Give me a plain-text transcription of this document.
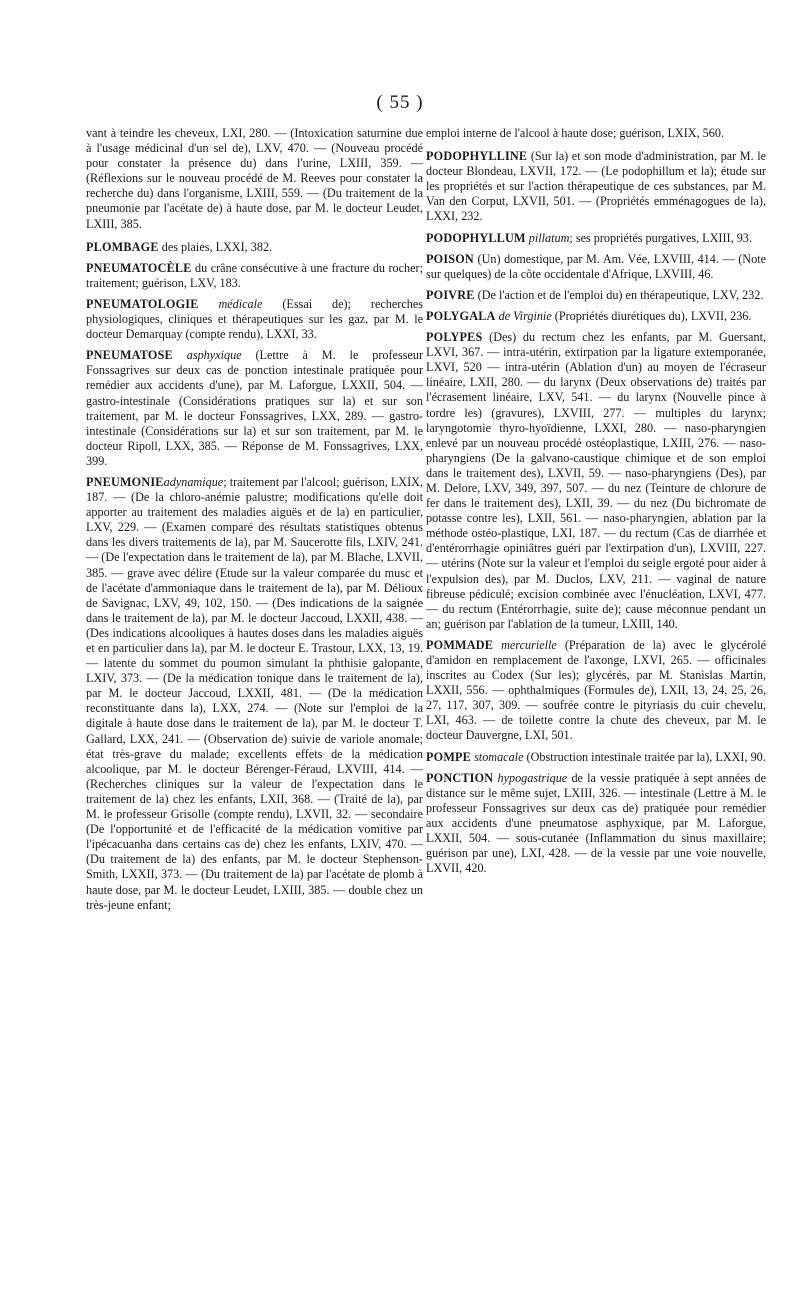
( 55 )

vant à teindre les cheveux, LXI, 280. — (Intoxication saturnine due à l'usage médicinal d'un sel de), LXV, 470. — (Nouveau procédé pour constater la présence du) dans l'urine, LXIII, 359. — (Réflexions sur le nouveau procédé de M. Reeves pour constater la recherche du) dans l'organisme, LXIII, 559. — (Du traitement de la pneumonie par l'acétate de) à haute dose, par M. le docteur Leudet, LXIII, 385.

PLOMBAGE des plaies, LXXI, 382.

PNEUMATOCÈLE du crâne consécutive à une fracture du rocher; traitement; guérison, LXV, 183.

PNEUMATOLOGIE médicale (Essai de); recherches physiologiques, cliniques et thérapeutiques sur les gaz, par M. le docteur Demarquay (compte rendu), LXXI, 33.

PNEUMATOSE asphyxique (Lettre à M. le professeur Fonssagrives sur deux cas de ponction intestinale pratiquée pour remédier aux accidents d'une), par M. Laforgue, LXXII, 504. — gastro-intestinale (Considérations pratiques sur la) et sur son traitement, par M. le docteur Fonssagrives, LXX, 289. — gastro-intestinale (Considérations sur la) et sur son traitement, par M. le docteur Ripoll, LXX, 385. — Réponse de M. Fonssagrives, LXX, 399.

PNEUMONIEadynamique; traitement par l'alcool; guérison, LXIX, 187. — (De la chloro-anémie palustre; modifications qu'elle doit apporter au traitement des maladies aiguës et de la) en particulier, LXV, 229. — (Examen comparé des résultats statistiques obtenus dans les divers traitements de la), par M. Saucerotte fils, LXIV, 241. — (De l'expectation dans le traitement de la), par M. Blache, LXVII, 385. — grave avec délire (Etude sur la valeur comparée du musc et de l'acétate d'ammoniaque dans le traitement de la), par M. Délioux de Savignac, LXV, 49, 102, 150. — (Des indications de la saignée dans le traitement de la), par M. le docteur Jaccoud, LXXII, 438. — (Des indications alcooliques à hautes doses dans les maladies aiguës et en particulier dans la), par M. le docteur E. Trastour, LXX, 13, 19. — latente du sommet du poumon simulant la phthisie galopante, LXIV, 373. — (De la médication tonique dans le traitement de la), par M. le docteur Jaccoud, LXXII, 481. — (De la médication reconstituante dans la), LXX, 274. — (Note sur l'emploi de la digitale à haute dose dans le traitement de la), par M. le docteur T. Gallard, LXX, 241. — (Observation de) suivie de variole anomale; état très-grave du malade; excellents effets de la médication alcoolique, par M. le docteur Bérenger-Féraud, LXVIII, 414. — (Recherches cliniques sur la valeur de l'expectation dans le traitement de la) chez les enfants, LXII, 368. — (Traité de la), par M. le professeur Grisolle (compte rendu), LXVII, 32. — secondaire (De l'opportunité et de l'efficacité de la médication vomitive par l'ipécacuanha dans certains cas de) chez les enfants, LXIV, 470. — (Du traitement de la) des enfants, par M. le docteur Stephenson-Smith, LXXII, 373. — (Du traitement de la) par l'acétate de plomb à haute dose, par M. le docteur Leudet, LXIII, 385. — double chez un très-jeune enfant;

emploi interne de l'alcool à haute dose; guérison, LXIX, 560.

PODOPHYLLINE (Sur la) et son mode d'administration, par M. le docteur Blondeau, LXVII, 172. — (Le podophillum et la); étude sur les propriétés et sur l'action thérapeutique de ces substances, par M. Van den Corput, LXVII, 501. — (Propriétés emménagogues de la), LXXI, 232.

PODOPHYLLUM pillatum; ses propriétés purgatives, LXIII, 93.

POISON (Un) domestique, par M. Am. Vée, LXVIII, 414. — (Note sur quelques) de la côte occidentale d'Afrique, LXVIII, 46.

POIVRE (De l'action et de l'emploi du) en thérapeutique, LXV, 232.

POLYGALA de Virginie (Propriétés diurétiques du), LXVII, 236.

POLYPES (Des) du rectum chez les enfants, par M. Guersant, LXVI, 367. — intra-utérin, extirpation par la ligature extemporanée, LXVI, 520 — intra-utérin (Ablation d'un) au moyen de l'écraseur linéaire, LXII, 280. — du larynx (Deux observations de) traités par l'écrasement linéaire, LXV, 541. — du larynx (Nouvelle pince à tordre les) (gravures), LXVIII, 277. — multiples du larynx; laryngotomie thyro-hyoïdienne, LXXI, 280. — naso-pharyngien enlevé par un nouveau procédé ostéoplastique, LXIII, 276. — naso-pharyngiens (De la galvano-caustique chimique et de son emploi dans le traitement des), LXVII, 59. — naso-pharyngiens (Des), par M. Delore, LXV, 349, 397, 507. — du nez (Teinture de chlorure de fer dans le traitement des), LXII, 39. — du nez (Du bichromate de potasse contre les), LXII, 561. — naso-pharyngien, ablation par la méthode ostéo-plastique, LXI, 187. — du rectum (Cas de diarrhée et d'entérorrhagie opiniâtres guéri par l'extirpation d'un), LXVIII, 227. — utérins (Note sur la valeur et l'emploi du seigle ergoté pour aider à l'expulsion des), par M. Duclos, LXV, 211. — vaginal de nature fibreuse pédiculé; excision combinée avec l'énucléation, LXVI, 477. — du rectum (Entérorrhagie, suite de); cause méconnue pendant un an; guérison par l'ablation de la tumeur, LXIII, 140.

POMMADE mercurielle (Préparation de la) avec le glycérolé d'amidon en remplacement de l'axonge, LXVI, 265. — officinales inscrites au Codex (Sur les); glycérés, par M. Stanislas Martin, LXXII, 556. — ophthalmiques (Formules de), LXII, 13, 24, 25, 26, 27, 117, 307, 309. — soufrée contre le pityriasis du cuir chevelu, LXI, 463. — de toilette contre la chute des cheveux, par M. le docteur Dauvergne, LXI, 501.

POMPE stomacale (Obstruction intestinale traitée par la), LXXI, 90.

PONCTION hypogastrique de la vessie pratiquée à sept années de distance sur le même sujet, LXIII, 326. — intestinale (Lettre à M. le professeur Fonssagrives sur deux cas de) pratiquée pour remédier aux accidents d'une pneumatose asphyxique, par M. Laforgue, LXXII, 504. — sous-cutanée (Inflammation du sinus maxillaire; guérison par une), LXI, 428. — de la vessie par une voie nouvelle, LXVII, 420.
